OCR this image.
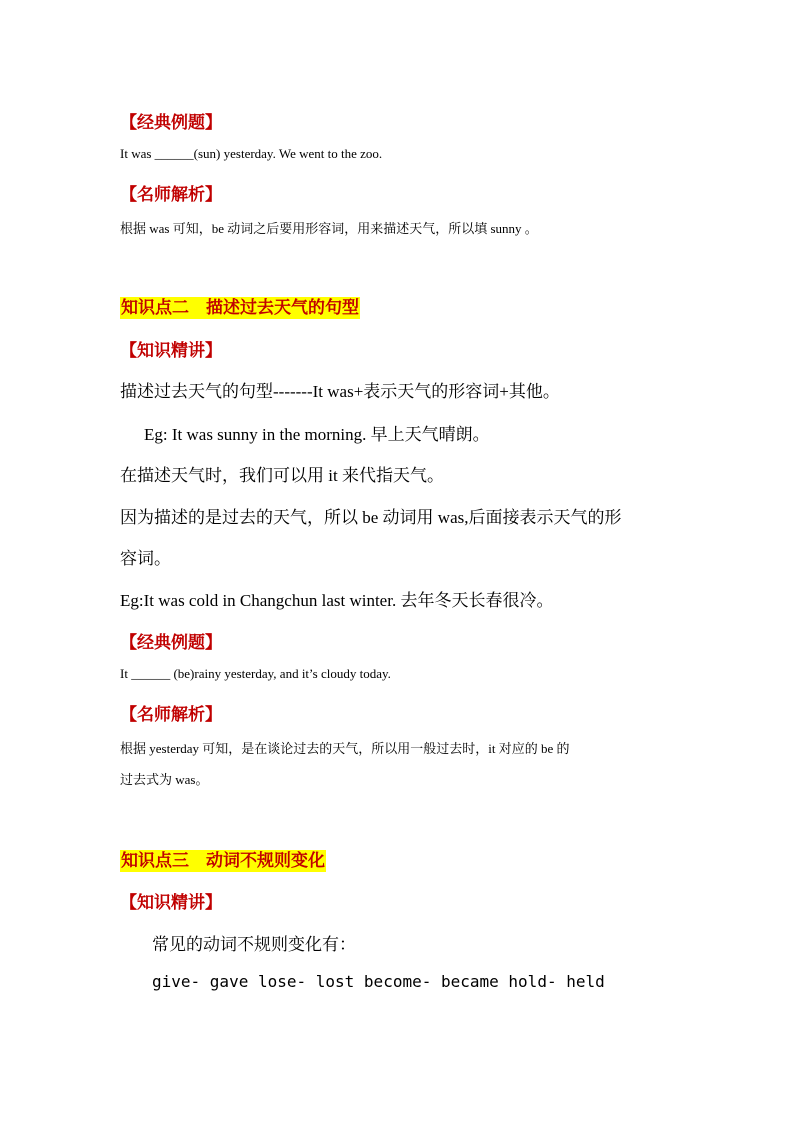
【经典例题】
It was ______(sun) yesterday. We went to the zoo.
【名师解析】
根据 was 可知，be 动词之后要用形容词，用来描述天气，所以填 sunny 。
知识点二　描述过去天气的句型
【知识精讲】
描述过去天气的句型-------It was+表示天气的形容词+其他。
Eg: It was sunny in the morning. 早上天气晴朗。
在描述天气时，我们可以用 it 来代指天气。
因为描述的是过去的天气，所以 be 动词用 was,后面接表示天气的形
容词。
Eg:It was cold in Changchun last winter. 去年冬天长春很冷。
【经典例题】
It ______ (be)rainy yesterday, and it’s cloudy today.
【名师解析】
根据 yesterday 可知，是在谈论过去的天气，所以用一般过去时，it 对应的 be 的
过去式为 was。
知识点三　动词不规则变化
【知识精讲】
常见的动词不规则变化有：
give- gave lose- lost become- became hold- held
